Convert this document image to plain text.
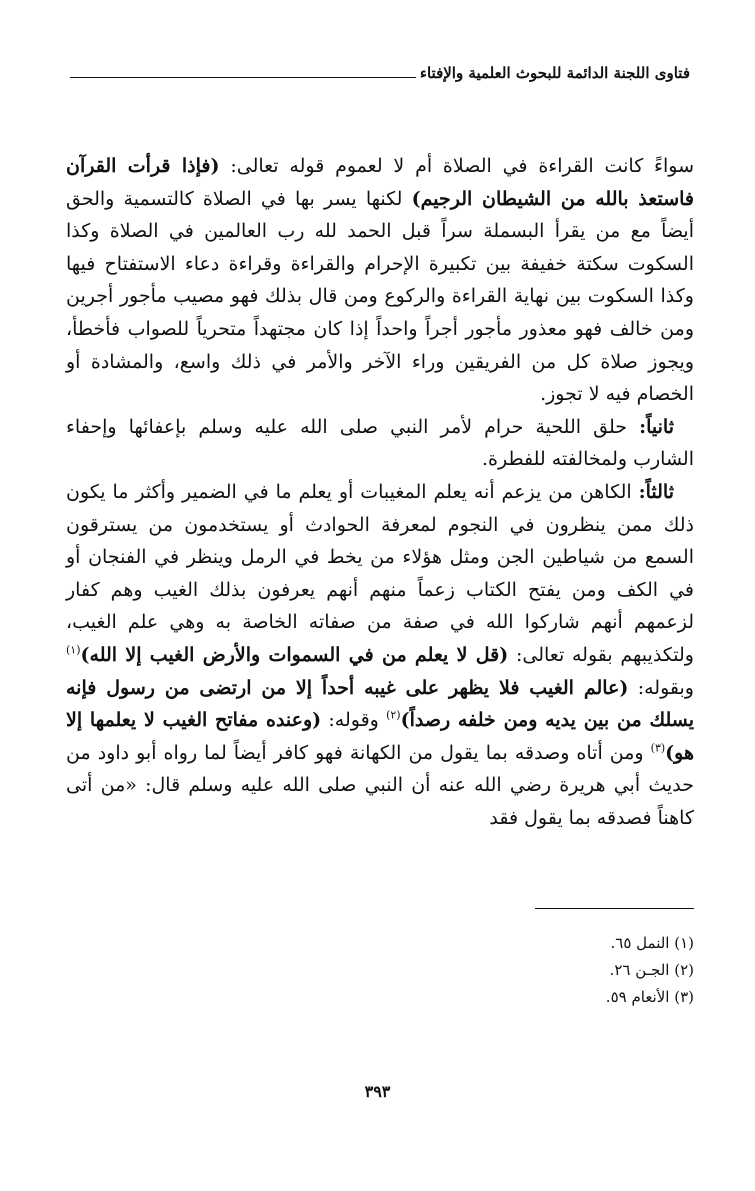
فتاوى اللجنة الدائمة للبحوث العلمية والإفتاء

سواءً كانت القراءة في الصلاة أم لا لعموم قوله تعالى: (فإذا قرأت القرآن فاستعذ بالله من الشيطان الرجيم) لكنها يسر بها في الصلاة كالتسمية والحق أيضاً مع من يقرأ البسملة سراً قبل الحمد لله رب العالمين في الصلاة وكذا السكوت سكتة خفيفة بين تكبيرة الإحرام والقراءة وقراءة دعاء الاستفتاح فيها وكذا السكوت بين نهاية القراءة والركوع ومن قال بذلك فهو مصيب مأجور أجرين ومن خالف فهو معذور مأجور أجراً واحداً إذا كان مجتهداً متحرياً للصواب فأخطأ، ويجوز صلاة كل من الفريقين وراء الآخر والأمر في ذلك واسع، والمشادة أو الخصام فيه لا تجوز.

ثانياً: حلق اللحية حرام لأمر النبي صلى الله عليه وسلم بإعفائها وإحفاء الشارب ولمخالفته للفطرة.

ثالثاً: الكاهن من يزعم أنه يعلم المغيبات أو يعلم ما في الضمير وأكثر ما يكون ذلك ممن ينظرون في النجوم لمعرفة الحوادث أو يستخدمون من يسترقون السمع من شياطين الجن ومثل هؤلاء من يخط في الرمل وينظر في الفنجان أو في الكف ومن يفتح الكتاب زعماً منهم أنهم يعرفون بذلك الغيب وهم كفار لزعمهم أنهم شاركوا الله في صفة من صفاته الخاصة به وهي علم الغيب، ولتكذيبهم بقوله تعالى: (قل لا يعلم من في السموات والأرض الغيب إلا الله)$^{(١)}$ وبقوله: (عالم الغيب فلا يظهر على غيبه أحداً إلا من ارتضى من رسول فإنه يسلك من بين يديه ومن خلفه رصداً)$^{(٢)}$ وقوله: (وعنده مفاتح الغيب لا يعلمها إلا هو)$^{(٣)}$ ومن أتاه وصدقه بما يقول من الكهانة فهو كافر أيضاً لما رواه أبو داود من حديث أبي هريرة رضي الله عنه أن النبي صلى الله عليه وسلم قال: «من أتى كاهناً فصدقه بما يقول فقد

(١) النمل ٦٥.
(٢) الجـن ٢٦.
(٣) الأنعام ٥٩.
٣٩٣
